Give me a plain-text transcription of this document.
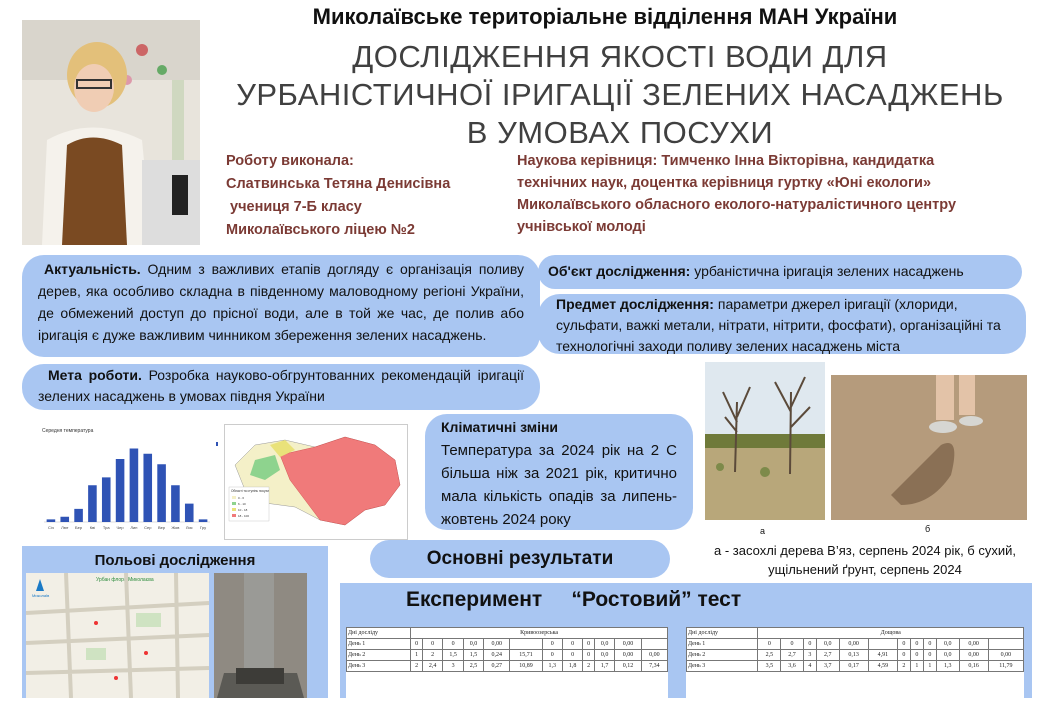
Миколаївське територіальне відділення МАН України
ДОСЛІДЖЕННЯ ЯКОСТІ ВОДИ ДЛЯ
УРБАНІСТИЧНОЇ ІРИГАЦІЇ ЗЕЛЕНИХ НАСАДЖЕНЬ
В УМОВАХ ПОСУХИ
Роботу виконала:
Слатвинська Тетяна Денисівна
учениця 7-Б класу
Миколаївського ліцею №2
Наукова керівниця: Тимченко Інна Вікторівна, кандидатка
технічних наук, доцентка керівниця гуртку «Юні екологи»
Миколаївського обласного еколого-натуралістичного центру
учнівської молоді
Актуальність. Одним з важливих етапів догляду є організація поливу дерев, яка особливо складна в південному маловодному регіоні України, де обмежений доступ до прісної води, але в той же час, де полив або іригація є дуже важливим чинником збереження зелених насаджень.
Об'єкт дослідження: урбаністична іригація зелених насаджень
Предмет дослідження: параметри джерел іригації (хлориди, сульфати, важкі метали, нітрати, нітрити, фосфати), організаційні та технологічні заходи поливу зелених насаджень міста
Мета роботи. Розробка науково-обгрунтованних рекомендацій іригації зелених насаджень в умовах півдня України
Середня температура
Січ Лют Бер Кві Тра Чер Лип Сер Вер Жов Лис Гру
Облаcті та ступінь посухи
0 - 6
6 - 10
10 - 18
18 - 100
Кліматичні зміни
Температура за 2024 рік на 2 С більша ніж за 2021 рік, критично мала кількість опадів за липень-жовтень 2024 року
а	б
а - засохлі дерева В’яз, серпень 2024 рік, б сухий, ущільнений ґрунт, серпень 2024
Основні результати
Польові дослідження
Миколаїв
Урбан флора Миколаєва
Експеримент     “Ростовий” тест
Дні досліду	Кривоозерська											
День 1	0	0	0	0,0	0,00		0	0	0	0,0	0,00	
День 2	1	2	1,5	1,5	0,24	15,71	0	0	0	0,0	0,00	0,00
День 3	2	2,4	3	2,5	0,27	10,89	1,3	1,8	2	1,7	0,12	7,34
Дні досліду	Дощова											
День 1	0	0	0	0,0	0,00		0	0	0	0,0	0,00	
День 2	2,5	2,7	3	2,7	0,13	4,91	0	0	0	0,0	0,00	0,00
День 3	3,5	3,6	4	3,7	0,17	4,59	2	1	1	1,3	0,16	11,79
